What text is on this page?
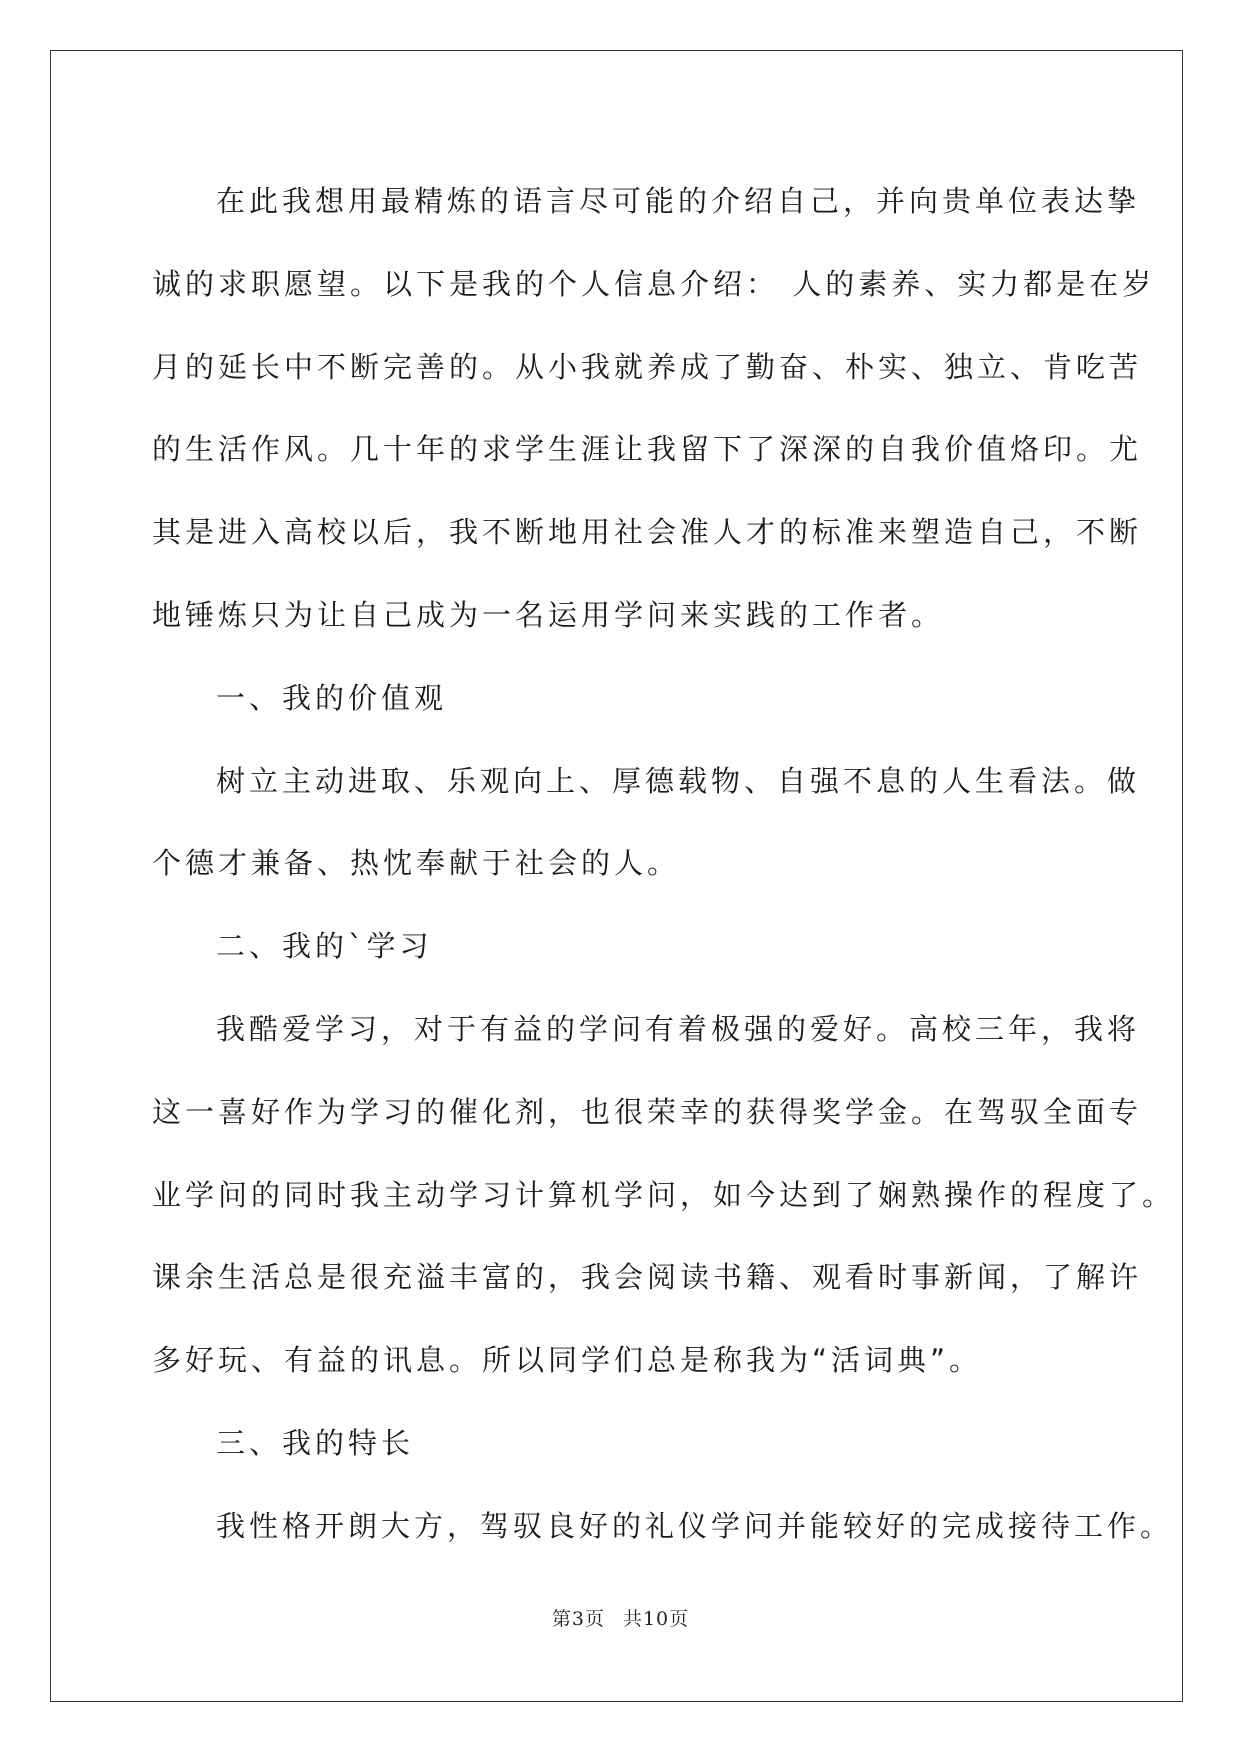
在此我想用最精炼的语言尽可能的介绍自己，并向贵单位表达挚
诚的求职愿望。以下是我的个人信息介绍： 人的素养、实力都是在岁
月的延长中不断完善的。从小我就养成了勤奋、朴实、独立、肯吃苦
的生活作风。几十年的求学生涯让我留下了深深的自我价值烙印。尤
其是进入高校以后，我不断地用社会准人才的标准来塑造自己，不断
地锤炼只为让自己成为一名运用学问来实践的工作者。

一、我的价值观

树立主动进取、乐观向上、厚德载物、自强不息的人生看法。做
个德才兼备、热忱奉献于社会的人。

二、我的`学习

我酷爱学习，对于有益的学问有着极强的爱好。高校三年，我将
这一喜好作为学习的催化剂，也很荣幸的获得奖学金。在驾驭全面专
业学问的同时我主动学习计算机学问，如今达到了娴熟操作的程度了。
课余生活总是很充溢丰富的，我会阅读书籍、观看时事新闻，了解许
多好玩、有益的讯息。所以同学们总是称我为“活词典”。

三、我的特长

我性格开朗大方，驾驭良好的礼仪学问并能较好的完成接待工作。

第3页 共10页
